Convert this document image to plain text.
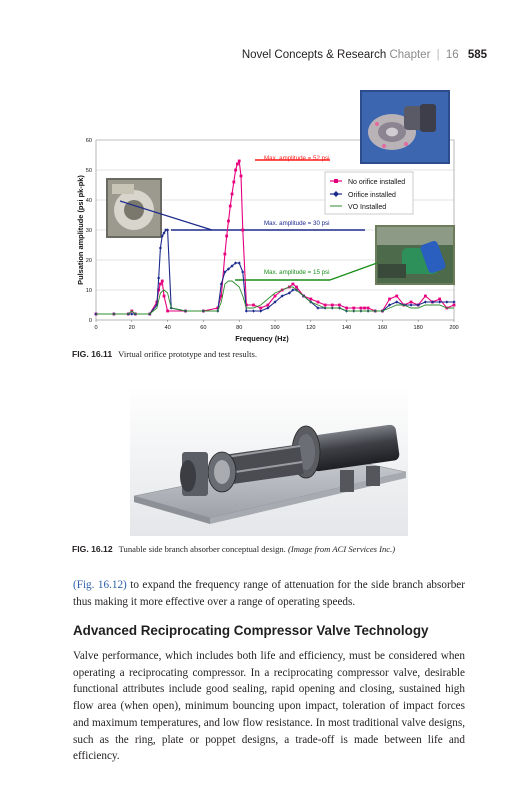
Novel Concepts & Research Chapter | 16 585
Max. amplitude = 52 psi
Max. amplitude = 30 psi
Max. amplitude = 15 psi
No orifice installed
Orifice installed
VO Installed
0
10
20
30
40
50
60
0	20	40	60	80	100	120	140	160	180	200
Frequency (Hz)
Pulsation amplitude (psi pk-pk)
FIG. 16.11 Virtual orifice prototype and test results.
FIG. 16.12 Tunable side branch absorber conceptual design. (Image from ACI Services Inc.)
(Fig. 16.12) to expand the frequency range of attenuation for the side branch absorber thus making it more effective over a range of operating speeds.
Advanced Reciprocating Compressor Valve Technology
Valve performance, which includes both life and efficiency, must be considered when operating a reciprocating compressor. In a reciprocating compressor valve, desirable functional attributes include good sealing, rapid opening and closing, sustained high flow area (when open), minimum bouncing upon impact, toleration of impact forces and maximum temperatures, and low flow resistance. In most traditional valve designs, such as the ring, plate or poppet designs, a trade-off is made between life and efficiency.
